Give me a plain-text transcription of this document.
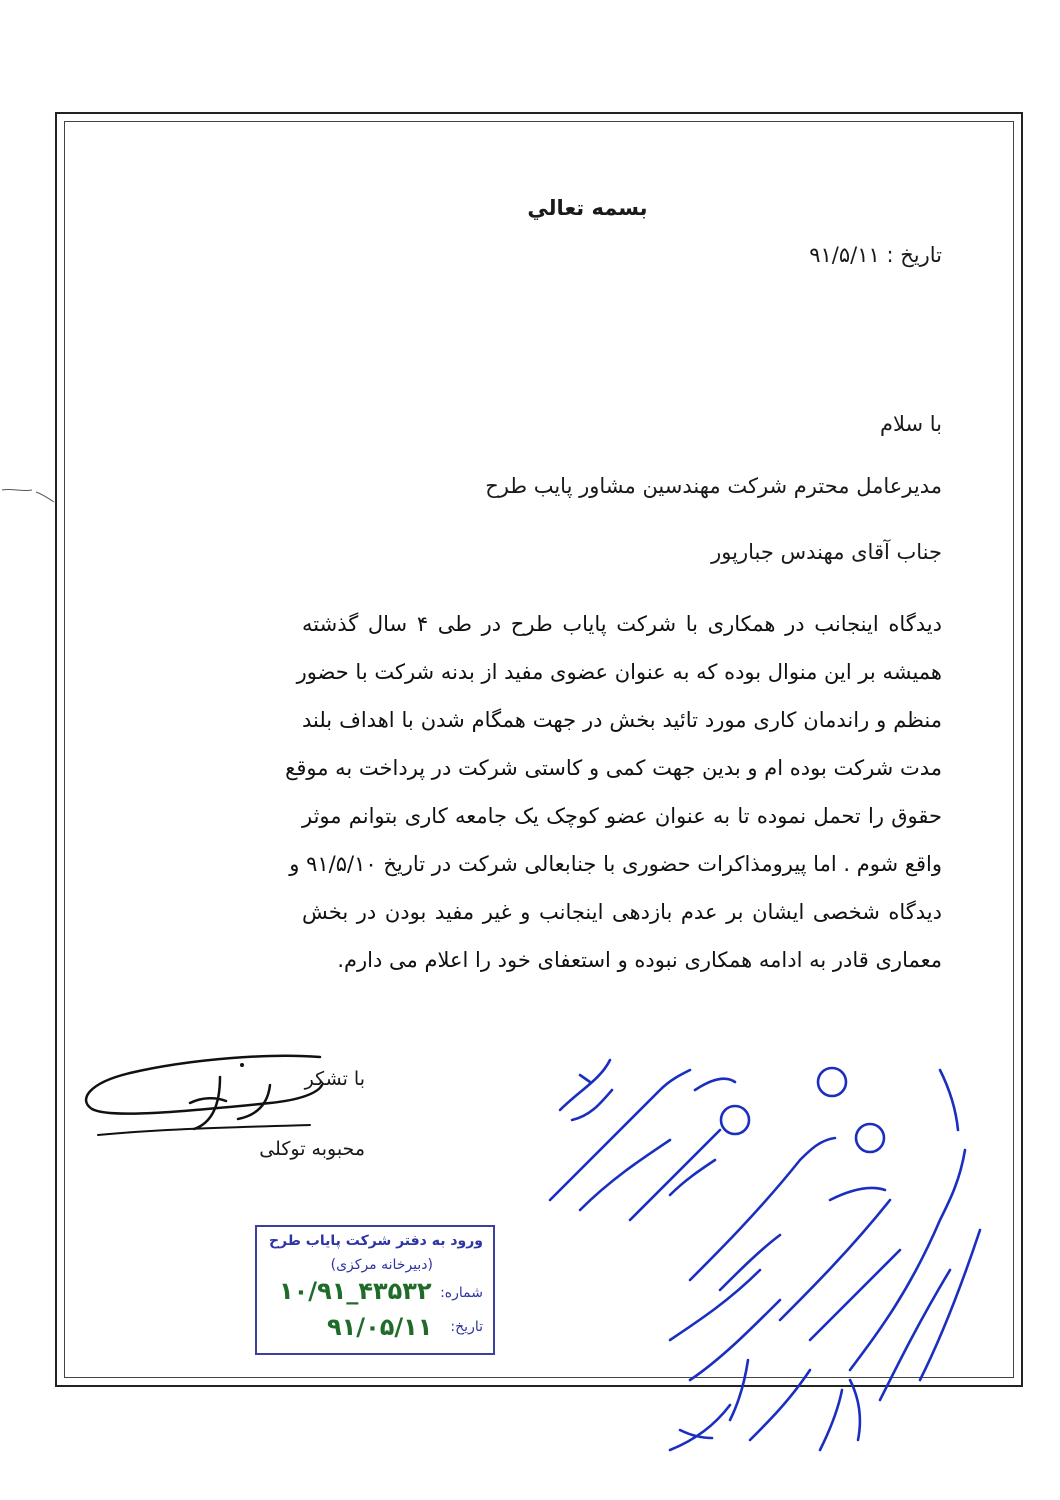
بسمه تعالي
تاریخ : ۹۱/۵/۱۱
با سلام
مدیرعامل محترم شرکت مهندسین مشاور پایب طرح
جناب آقای مهندس جبارپور
دیدگاه اینجانب در همکاری با شرکت پایاب طرح در طی ۴ سال گذشته
همیشه بر این منوال بوده که به عنوان عضوی مفید از بدنه شرکت با حضور
منظم و راندمان کاری مورد تائید بخش در جهت همگام شدن با اهداف بلند
مدت شرکت بوده ام و بدین جهت کمی و کاستی شرکت در پرداخت به موقع
حقوق را تحمل نموده تا به عنوان عضو کوچک یک جامعه کاری بتوانم موثر
واقع شوم . اما پیرومذاکرات حضوری با جنابعالی شرکت در تاریخ ۹۱/۵/۱۰ و
دیدگاه شخصی ایشان بر عدم بازدهی اینجانب و غیر مفید بودن در بخش
معماری قادر به ادامه همکاری نبوده و استعفای خود را اعلام می دارم.
با تشکر
محبوبه توکلی
ورود به دفتر شرکت پایاب طرح
(دبیرخانه مرکزی)
شماره:
تاریخ:
۱۰/۹۱_۴۳۵۳۲
۹۱/۰۵/۱۱
